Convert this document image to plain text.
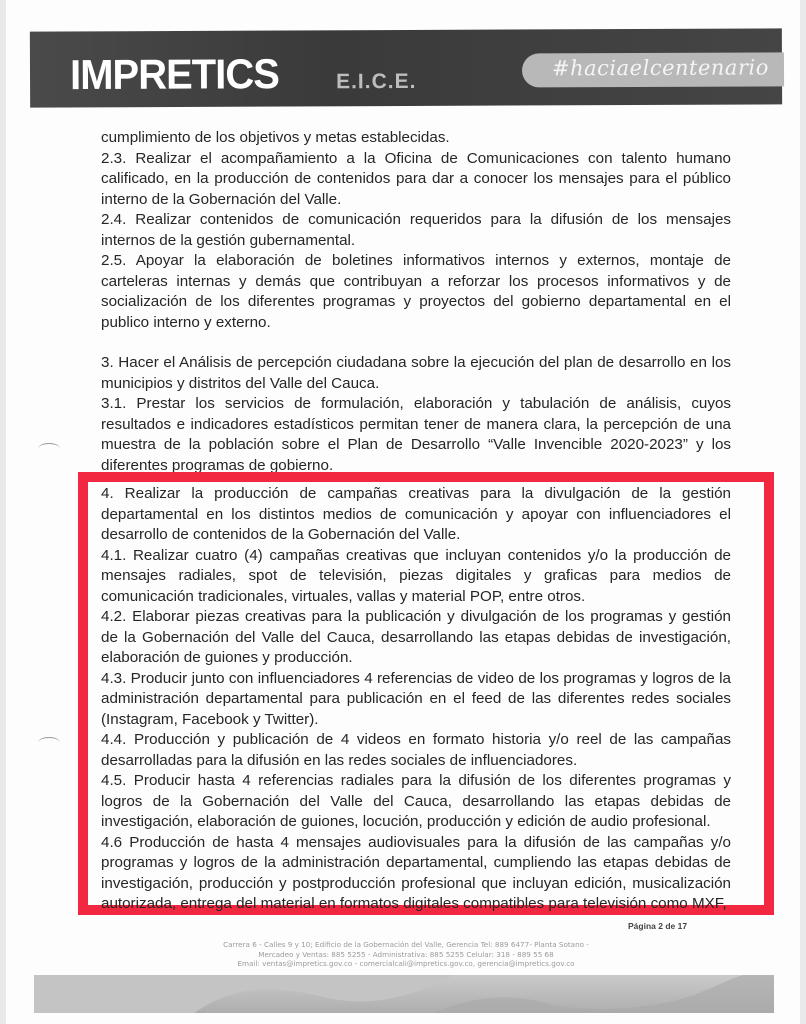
IMPRETICS	E.I.C.E.
#haciaelcentenario

cumplimiento de los objetivos y metas establecidas.

2.3. Realizar el acompañamiento a la Oficina de Comunicaciones con talento humano calificado, en la producción de contenidos para dar a conocer los mensajes para el público interno de la Gobernación del Valle.

2.4. Realizar contenidos de comunicación requeridos para la difusión de los mensajes internos de la gestión gubernamental.

2.5. Apoyar la elaboración de boletines informativos internos y externos, montaje de carteleras internas y demás que contribuyan a reforzar los procesos informativos y de socialización de los diferentes programas y proyectos del gobierno departamental en el publico interno y externo.

3. Hacer el Análisis de percepción ciudadana sobre la ejecución del plan de desarrollo en los municipios y distritos del Valle del Cauca.

3.1. Prestar los servicios de formulación, elaboración y tabulación de análisis, cuyos resultados e indicadores estadísticos permitan tener de manera clara, la percepción de una muestra de la población sobre el Plan de Desarrollo “Valle Invencible 2020-2023” y los diferentes programas de gobierno.

4. Realizar la producción de campañas creativas para la divulgación de la gestión departamental en los distintos medios de comunicación y apoyar con influenciadores el desarrollo de contenidos de la Gobernación del Valle.

4.1. Realizar cuatro (4) campañas creativas que incluyan contenidos y/o la producción de mensajes radiales, spot de televisión, piezas digitales y graficas para medios de comunicación tradicionales, virtuales, vallas y material POP, entre otros.

4.2. Elaborar piezas creativas para la publicación y divulgación de los programas y gestión de la Gobernación del Valle del Cauca, desarrollando las etapas debidas de investigación, elaboración de guiones y producción.

4.3. Producir junto con influenciadores 4 referencias de video de los programas y logros de la administración departamental para publicación en el feed de las diferentes redes sociales (Instagram, Facebook y Twitter).

4.4. Producción y publicación de 4 videos en formato historia y/o reel de las campañas desarrolladas para la difusión en las redes sociales de influenciadores.

4.5. Producir hasta 4 referencias radiales para la difusión de los diferentes programas y logros de la Gobernación del Valle del Cauca, desarrollando las etapas debidas de investigación, elaboración de guiones, locución, producción y edición de audio profesional.

4.6 Producción de hasta 4 mensajes audiovisuales para la difusión de las campañas y/o programas y logros de la administración departamental, cumpliendo las etapas debidas de investigación, producción y postproducción profesional que incluyan edición, musicalización autorizada, entrega del material en formatos digitales compatibles para televisión como MXF,

Página 2 de 17
Carrera 6 - Calles 9 y 10; Edificio de la Gobernación del Valle, Gerencia Tel: 889 6477- Planta Sotano -
Mercadeo y Ventas: 885 5255 - Administrativa: 885 5255 Celular: 318 - 889 55 68
Email: ventas@impretics.gov.co - comercialcali@impretics.gov.co, gerencia@impretics.gov.co
